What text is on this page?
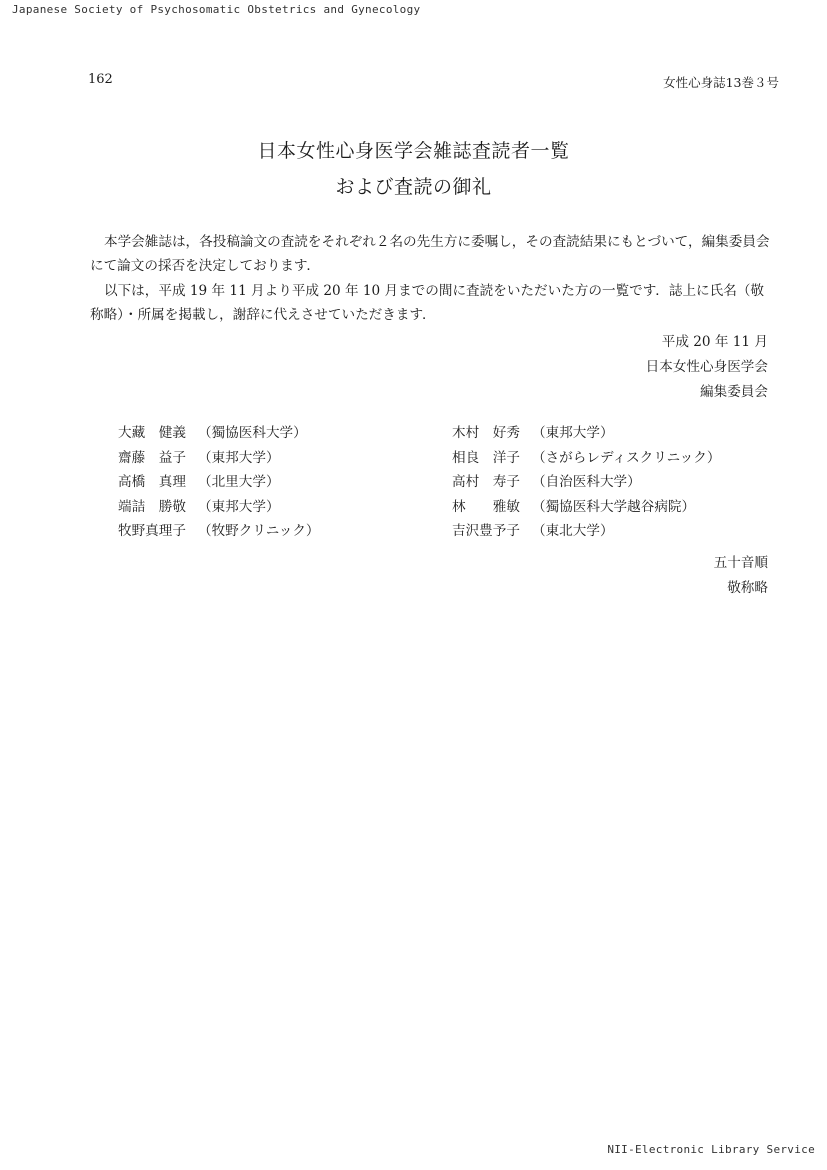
Japanese Society of Psychosomatic Obstetrics and Gynecology
162	女性心身誌13巻３号
日本女性心身医学会雑誌査読者一覧
および査読の御礼
本学会雑誌は，各投稿論文の査読をそれぞれ２名の先生方に委嘱し，その査読結果にもとづいて，編集委員会にて論文の採否を決定しております．
以下は，平成 19 年 11 月より平成 20 年 10 月までの間に査読をいただいた方の一覧です．誌上に氏名（敬称略）・所属を掲載し，謝辞に代えさせていただきます．
平成 20 年 11 月
日本女性心身医学会
編集委員会
大藏　健義 （獨協医科大学）
齋藤　益子 （東邦大学）
高橋　真理 （北里大学）
端詰　勝敬 （東邦大学）
牧野真理子 （牧野クリニック）
木村　好秀 （東邦大学）
相良　洋子 （さがらレディスクリニック）
高村　寿子 （自治医科大学）
林　　雅敏 （獨協医科大学越谷病院）
吉沢豊予子 （東北大学）
五十音順
敬称略
NII-Electronic Library Service
